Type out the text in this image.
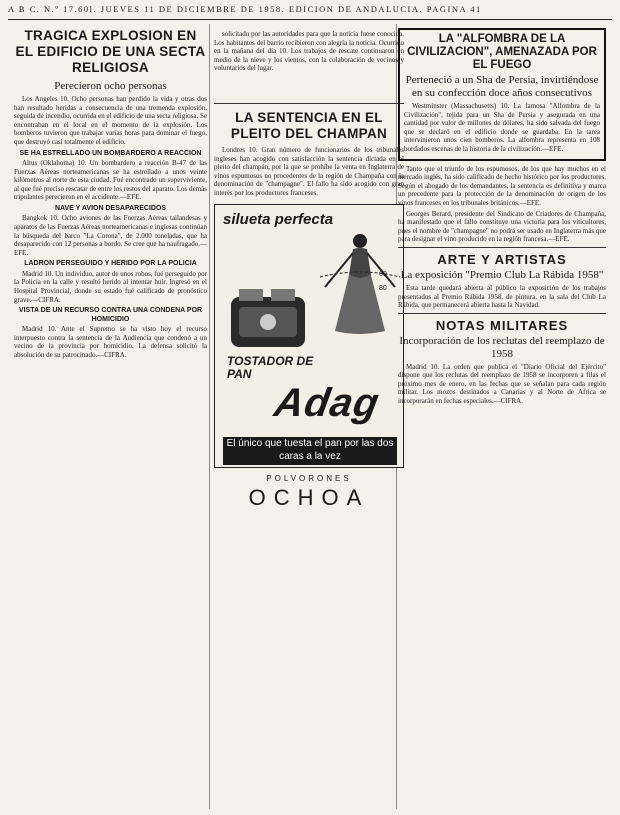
A B C. N.º 17.60l. JUEVES 11 DE DICIEMBRE DE 1958. EDICION DE ANDALUCIA. PAGINA 41
TRAGICA EXPLOSION EN EL EDIFICIO DE UNA SECTA RELIGIOSA
Perecieron ocho personas

Los Angeles 10. Ocho personas han perdido la vida y otras dos han resultado heridas a consecuencia de una tremenda explosión, seguida de incendio, ocurrida en el edificio de una secta religiosa. Se encontraban en el local en el momento de la explosión. Los bomberos tuvieron que trabajar varias horas para dominar el fuego, que destruyó casi totalmente el edificio.

SE HA ESTRELLADO UN BOMBARDERO A REACCION

Altus (Oklahoma) 10. Un bombardero a reacción B-47 de las Fuerzas Aéreas norteamericanas se ha estrellado a unos veinte kilómetros al norte de esta ciudad. Fué encontrado un superviviente, al que fué preciso rescatar de entre los restos del aparato. Los demás tripulantes perecieron en el accidente.—EFE.

NAVE Y AVION DESAPARECIDOS

Bangkok 10. Ocho aviones de las Fuerzas Aéreas tailandesas y aparatos de las Fuerzas Aéreas norteamericanas e inglesas continúan la búsqueda del barco "La Corona", de 2.000 toneladas, que ha desaparecido con 12 personas a bordo. Se cree que ha naufragado.—EFE.

LADRON PERSEGUIDO Y HERIDO POR LA POLICIA

Madrid 10. Un individuo, autor de unos robos, fué perseguido por la Policía en la calle y resultó herido al intentar huir. Ingresó en el Hospital Provincial, donde su estado fué calificado de pronóstico grave.—CIFRA.

VISTA DE UN RECURSO CONTRA UNA CONDENA POR HOMICIDIO

Madrid 10. Ante el Supremo se ha visto hoy el recurso interpuesto contra la sentencia de la Audiencia que condenó a un vecino de la provincia por homicidio. La defensa solicitó la absolución de su patrocinado.—CIFRA.

solicitado por las autoridades para que la noticia fuese conocida. Los habitantes del barrio recibieron con alegría la noticia. Ocurrido en la mañana del día 10. Los trabajos de rescate continuaron en medio de la nieve y los vientos, con la colaboración de vecinos y voluntarios del lugar.

LA SENTENCIA EN EL PLEITO DEL CHAMPAN

Londres 10. Gran número de funcionarios de los tribunales ingleses han acogido con satisfacción la sentencia dictada en el pleito del champán, por la que se prohíbe la venta en Inglaterra de vinos espumosos no procedentes de la región de Champaña con la denominación de "champagne". El fallo ha sido acogido con gran interés por los productores franceses.

silueta perfecta
60
80
TOSTADOR DE PAN
Adag
El único que tuesta el pan por las dos caras a la vez
POLVORONES
OCHOA
LA "ALFOMBRA DE LA CIVILIZACION", AMENAZADA POR EL FUEGO
Perteneció a un Sha de Persia, invirtiéndose en su confección doce años consecutivos

Westminster (Massachusetts) 10. La famosa "Alfombra de la Civilización", tejida para un Sha de Persia y asegurada en una cantidad por valor de millones de dólares, ha sido salvada del fuego que se declaró en el edificio donde se guardaba. En la tarea intervinieron unos cien bomberos. La alfombra representa en 108 bordados escenas de la historia de la civilización.—EFE.

Tanto que el triunfo de los espumosos, de los que hay muchos en el mercado inglés, ha sido calificado de hecho histórico por los productores. Según el abogado de los demandantes, la sentencia es definitiva y marca un precedente para la protección de la denominación de origen de los vinos franceses en los tribunales británicos.—EFE.

Georges Berard, presidente del Sindicato de Criadores de Champaña, ha manifestado que el fallo constituye una victoria para los viticultores, pues el nombre de "champagne" no podrá ser usado en Inglaterra más que para designar el vino producido en la región francesa.—EFE.

ARTE Y ARTISTAS
La exposición "Premio Club La Rábida 1958"

Esta tarde quedará abierta al público la exposición de los trabajos presentados al Premio Rábida 1958, de pintura, en la sala del Club La Rábida, que permanecerá abierta hasta la Navidad.

NOTAS MILITARES
Incorporación de los reclutas del reemplazo de 1958

Madrid 10. La orden que publica el "Diario Oficial del Ejército" dispone que los reclutas del reemplazo de 1958 se incorporen a filas el próximo mes de enero, en las fechas que se señalan para cada región militar. Los mozos destinados a Canarias y al Norte de Africa se incorporarán en fechas especiales.—CIFRA.
